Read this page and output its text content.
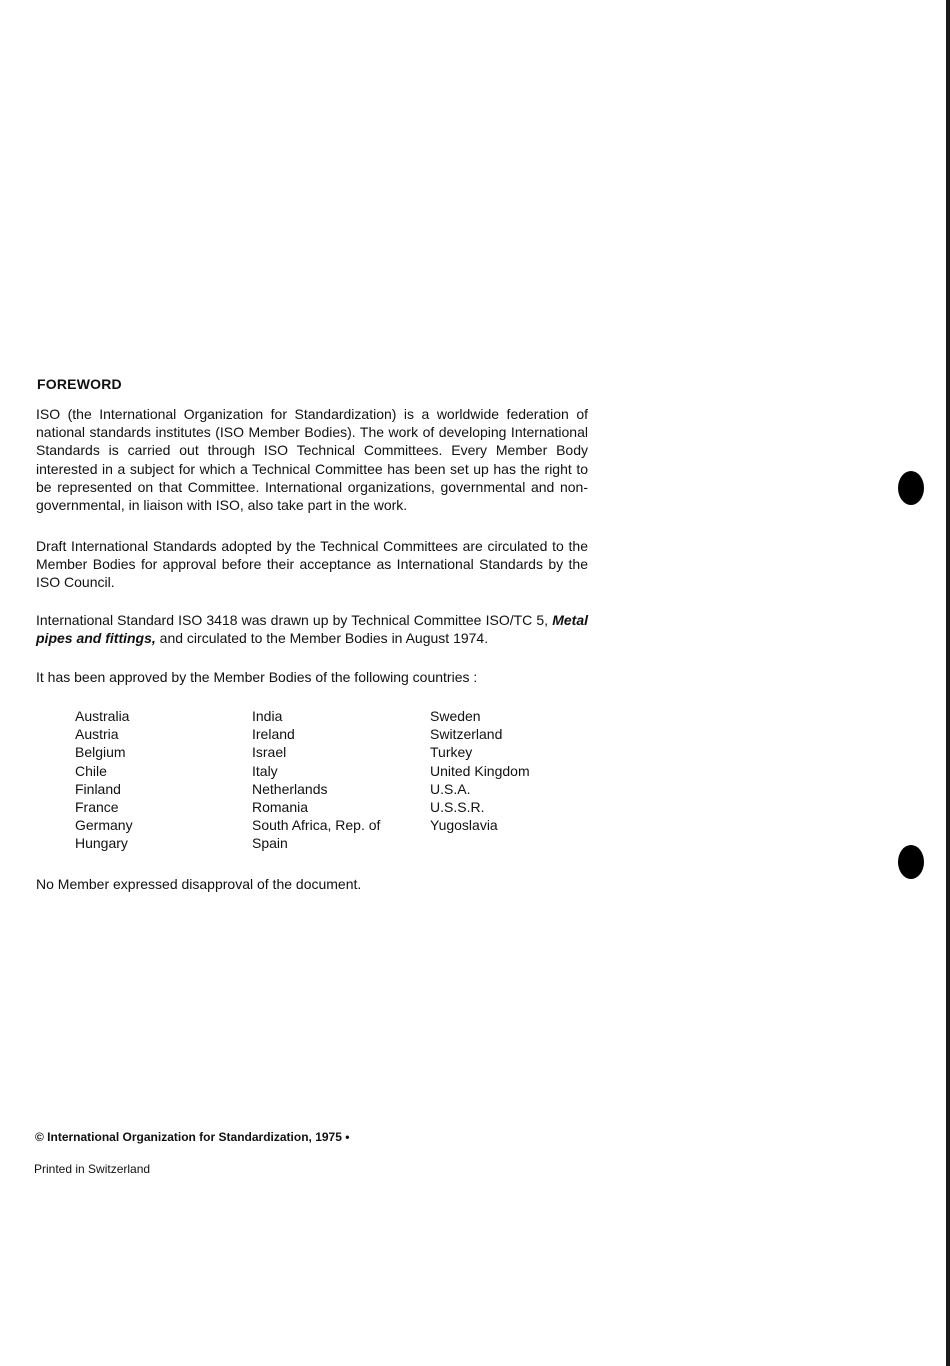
FOREWORD
ISO (the International Organization for Standardization) is a worldwide federation of national standards institutes (ISO Member Bodies). The work of developing International Standards is carried out through ISO Technical Committees. Every Member Body interested in a subject for which a Technical Committee has been set up has the right to be represented on that Committee. International organizations, governmental and non-governmental, in liaison with ISO, also take part in the work.
Draft International Standards adopted by the Technical Committees are circulated to the Member Bodies for approval before their acceptance as International Standards by the ISO Council.
International Standard ISO 3418 was drawn up by Technical Committee ISO/TC 5, Metal pipes and fittings, and circulated to the Member Bodies in August 1974.
It has been approved by the Member Bodies of the following countries :
Australia
Austria
Belgium
Chile
Finland
France
Germany
Hungary
India
Ireland
Israel
Italy
Netherlands
Romania
South Africa, Rep. of
Spain
Sweden
Switzerland
Turkey
United Kingdom
U.S.A.
U.S.S.R.
Yugoslavia
No Member expressed disapproval of the document.
© International Organization for Standardization, 1975 •
Printed in Switzerland
